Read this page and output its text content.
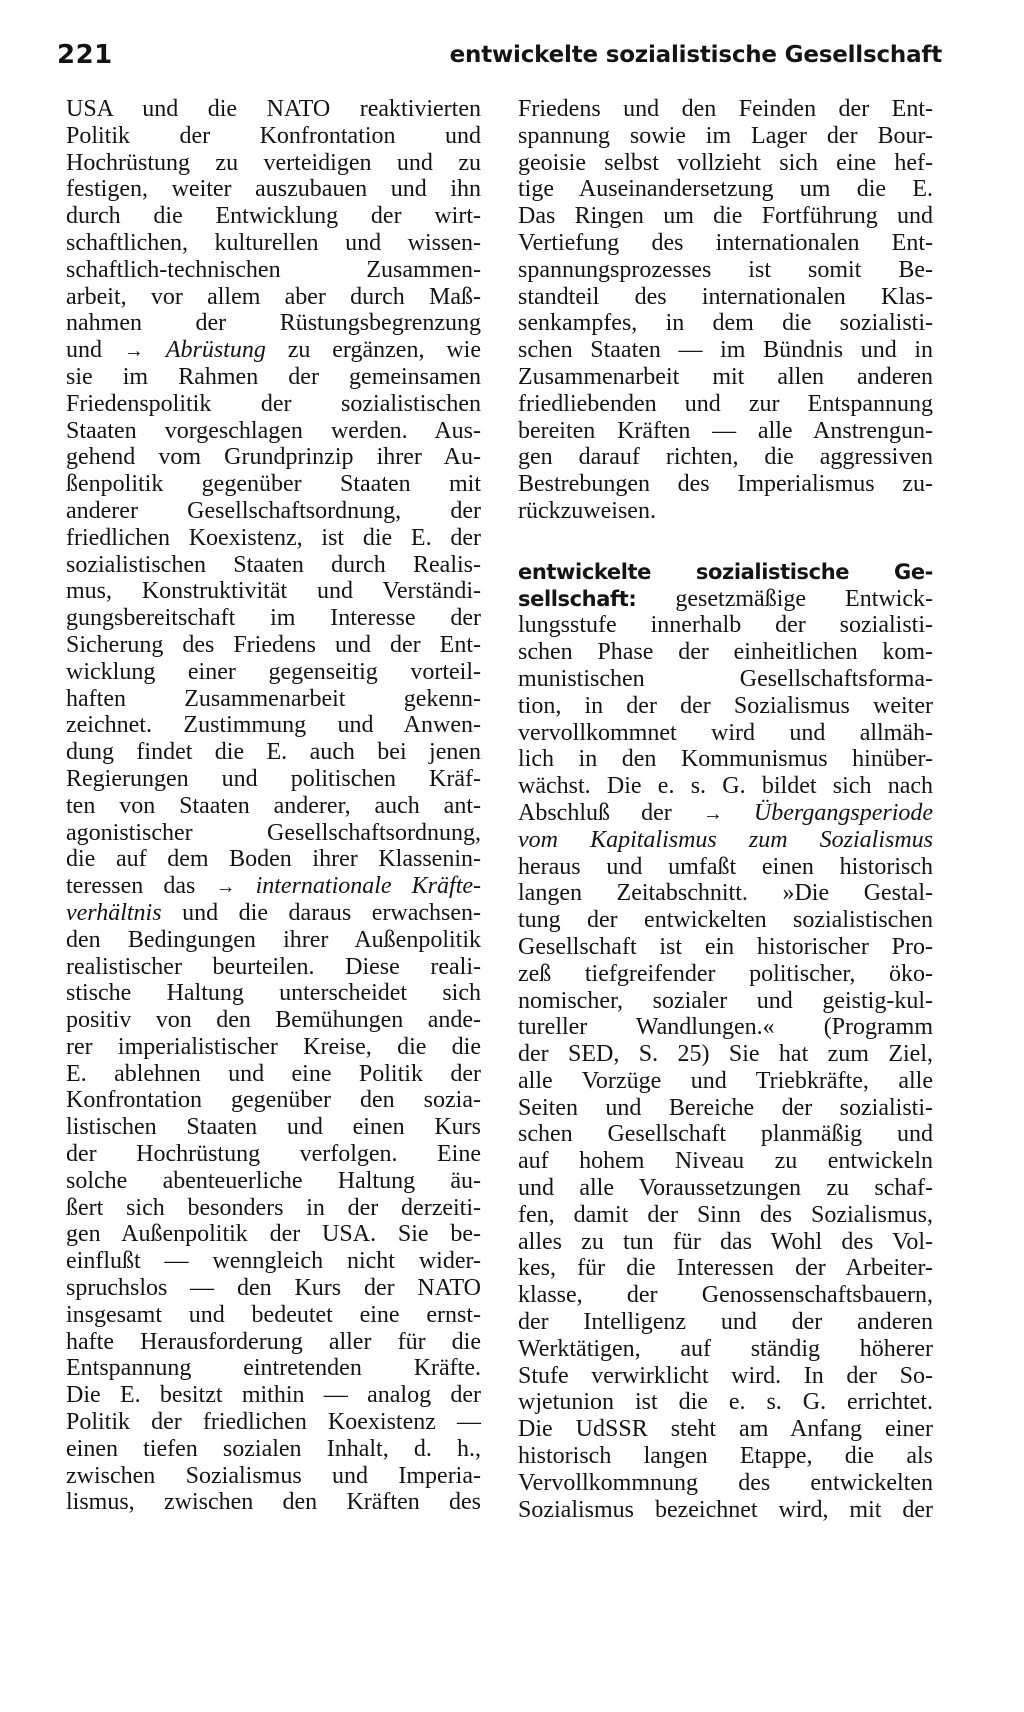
221	entwickelte sozialistische Gesellschaft
USA und die NATO reaktivierten
Politik der Konfrontation und
Hochrüstung zu verteidigen und zu
festigen, weiter auszubauen und ihn
durch die Entwicklung der wirt-
schaftlichen, kulturellen und wissen-
schaftlich-technischen Zusammen-
arbeit, vor allem aber durch Maß-
nahmen der Rüstungsbegrenzung
und → Abrüstung zu ergänzen, wie
sie im Rahmen der gemeinsamen
Friedenspolitik der sozialistischen
Staaten vorgeschlagen werden. Aus-
gehend vom Grundprinzip ihrer Au-
ßenpolitik gegenüber Staaten mit
anderer Gesellschaftsordnung, der
friedlichen Koexistenz, ist die E. der
sozialistischen Staaten durch Realis-
mus, Konstruktivität und Verständi-
gungsbereitschaft im Interesse der
Sicherung des Friedens und der Ent-
wicklung einer gegenseitig vorteil-
haften Zusammenarbeit gekenn-
zeichnet. Zustimmung und Anwen-
dung findet die E. auch bei jenen
Regierungen und politischen Kräf-
ten von Staaten anderer, auch ant-
agonistischer Gesellschaftsordnung,
die auf dem Boden ihrer Klassenin-
teressen das → internationale Kräfte-
verhältnis und die daraus erwachsen-
den Bedingungen ihrer Außenpolitik
realistischer beurteilen. Diese reali-
stische Haltung unterscheidet sich
positiv von den Bemühungen ande-
rer imperialistischer Kreise, die die
E. ablehnen und eine Politik der
Konfrontation gegenüber den sozia-
listischen Staaten und einen Kurs
der Hochrüstung verfolgen. Eine
solche abenteuerliche Haltung äu-
ßert sich besonders in der derzeiti-
gen Außenpolitik der USA. Sie be-
einflußt — wenngleich nicht wider-
spruchslos — den Kurs der NATO
insgesamt und bedeutet eine ernst-
hafte Herausforderung aller für die
Entspannung eintretenden Kräfte.
Die E. besitzt mithin — analog der
Politik der friedlichen Koexistenz —
einen tiefen sozialen Inhalt, d. h.,
zwischen Sozialismus und Imperia-
lismus, zwischen den Kräften des
Friedens und den Feinden der Ent-
spannung sowie im Lager der Bour-
geoisie selbst vollzieht sich eine hef-
tige Auseinandersetzung um die E.
Das Ringen um die Fortführung und
Vertiefung des internationalen Ent-
spannungsprozesses ist somit Be-
standteil des internationalen Klas-
senkampfes, in dem die sozialisti-
schen Staaten — im Bündnis und in
Zusammenarbeit mit allen anderen
friedliebenden und zur Entspannung
bereiten Kräften — alle Anstrengun-
gen darauf richten, die aggressiven
Bestrebungen des Imperialismus zu-
rückzuweisen.
entwickelte sozialistische Ge-
sellschaft: gesetzmäßige Entwick-
lungsstufe innerhalb der sozialisti-
schen Phase der einheitlichen kom-
munistischen Gesellschaftsforma-
tion, in der der Sozialismus weiter
vervollkommnet wird und allmäh-
lich in den Kommunismus hinüber-
wächst. Die e. s. G. bildet sich nach
Abschluß der → Übergangsperiode
vom Kapitalismus zum Sozialismus
heraus und umfaßt einen historisch
langen Zeitabschnitt. »Die Gestal-
tung der entwickelten sozialistischen
Gesellschaft ist ein historischer Pro-
zeß tiefgreifender politischer, öko-
nomischer, sozialer und geistig-kul-
tureller Wandlungen.« (Programm
der SED, S. 25) Sie hat zum Ziel,
alle Vorzüge und Triebkräfte, alle
Seiten und Bereiche der sozialisti-
schen Gesellschaft planmäßig und
auf hohem Niveau zu entwickeln
und alle Voraussetzungen zu schaf-
fen, damit der Sinn des Sozialismus,
alles zu tun für das Wohl des Vol-
kes, für die Interessen der Arbeiter-
klasse, der Genossenschaftsbauern,
der Intelligenz und der anderen
Werktätigen, auf ständig höherer
Stufe verwirklicht wird. In der So-
wjetunion ist die e. s. G. errichtet.
Die UdSSR steht am Anfang einer
historisch langen Etappe, die als
Vervollkommnung des entwickelten
Sozialismus bezeichnet wird, mit der
